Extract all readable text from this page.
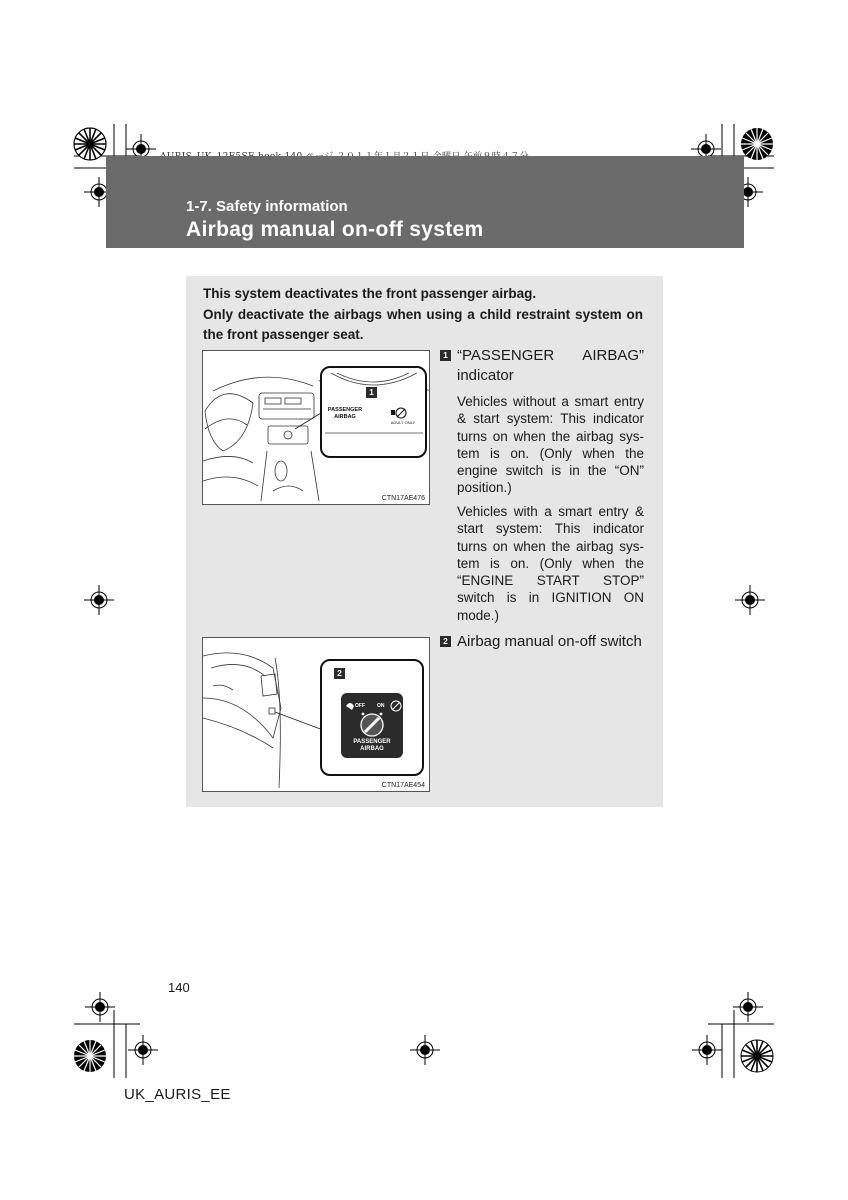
1-7. Safety information
Airbag manual on-off system

This system deactivates the front passenger airbag.

Only deactivate the airbags when using a child restraint system on the front passenger seat.

1
PASSENGER
AIRBAG
ADULT ONLY
CTN17AE476
2
OFF ON
PASSENGER
AIRBAG
CTN17AE454
1 “PASSENGER   AIRBAG”
indicator
Vehicles without a smart entry & start system: This indicator turns on when the airbag sys-tem is on. (Only when the engine switch is in the “ON” position.)
Vehicles with a smart entry & start system: This indicator turns on when the airbag sys-tem is on. (Only when the “ENGINE START STOP” switch is in IGNITION ON mode.)
2 Airbag manual on-off switch
140
UK_AURIS_EE
